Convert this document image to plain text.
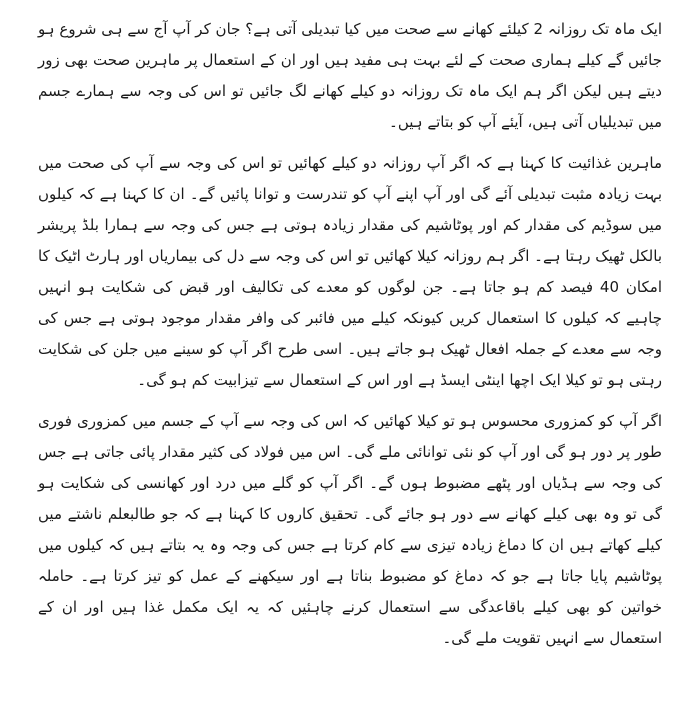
ایک ماہ تک روزانہ 2 کیلئے کھانے سے صحت میں کیا تبدیلی آتی ہے؟ جان کر آپ آج سے ہی شروع ہو جائیں گے کیلے ہماری صحت کے لئے بہت ہی مفید ہیں اور ان کے استعمال پر ماہرین صحت بھی زور دیتے ہیں لیکن اگر ہم ایک ماہ تک روزانہ دو کیلے کھانے لگ جائیں تو اس کی وجہ سے ہمارے جسم میں تبدیلیاں آتی ہیں، آیئے آپ کو بتاتے ہیں۔

ماہرین غذائیت کا کہنا ہے کہ اگر آپ روزانہ دو کیلے کھائیں تو اس کی وجہ سے آپ کی صحت میں بہت زیادہ مثبت تبدیلی آئے گی اور آپ اپنے آپ کو تندرست و توانا پائیں گے۔ ان کا کہنا ہے کہ کیلوں میں سوڈیم کی مقدار کم اور پوٹاشیم کی مقدار زیادہ ہوتی ہے جس کی وجہ سے ہمارا بلڈ پریشر بالکل ٹھیک رہتا ہے۔ اگر ہم روزانہ کیلا کھائیں تو اس کی وجہ سے دل کی بیماریاں اور ہارٹ اٹیک کا امکان 40 فیصد کم ہو جاتا ہے۔ جن لوگوں کو معدے کی تکالیف اور قبض کی شکایت ہو انہیں چاہیے کہ کیلوں کا استعمال کریں کیونکہ کیلے میں فائبر کی وافر مقدار موجود ہوتی ہے جس کی وجہ سے معدے کے جملہ افعال ٹھیک ہو جاتے ہیں۔ اسی طرح اگر آپ کو سینے میں جلن کی شکایت رہتی ہو تو کیلا ایک اچھا اینٹی ایسڈ ہے اور اس کے استعمال سے تیزابیت کم ہو گی۔

اگر آپ کو کمزوری محسوس ہو تو کیلا کھائیں کہ اس کی وجہ سے آپ کے جسم میں کمزوری فوری طور پر دور ہو گی اور آپ کو نئی توانائی ملے گی۔ اس میں فولاد کی کثیر مقدار پائی جاتی ہے جس کی وجہ سے ہڈیاں اور پٹھے مضبوط ہوں گے۔ اگر آپ کو گلے میں درد اور کھانسی کی شکایت ہو گی تو وہ بھی کیلے کھانے سے دور ہو جائے گی۔ تحقیق کاروں کا کہنا ہے کہ جو طالبعلم ناشتے میں کیلے کھاتے ہیں ان کا دماغ زیادہ تیزی سے کام کرتا ہے جس کی وجہ وہ یہ بتاتے ہیں کہ کیلوں میں پوٹاشیم پایا جاتا ہے جو کہ دماغ کو مضبوط بناتا ہے اور سیکھنے کے عمل کو تیز کرتا ہے۔ حاملہ خواتین کو بھی کیلے باقاعدگی سے استعمال کرنے چاہئیں کہ یہ ایک مکمل غذا ہیں اور ان کے استعمال سے انہیں تقویت ملے گی۔
